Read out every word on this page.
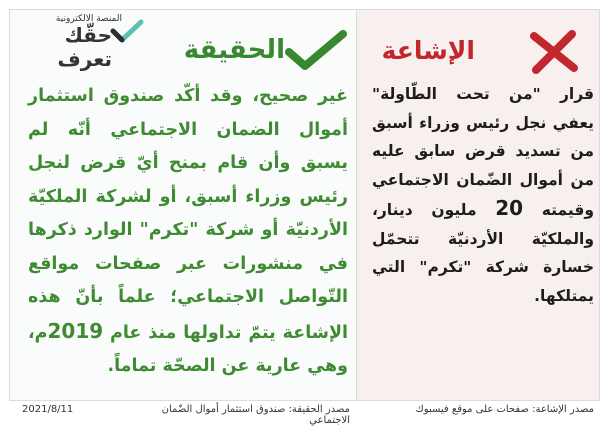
المنصة الالكترونية
حقّك تعرف	الحقيقة	الإشاعة
غير صحيح، وقد أكّد صندوق استثمار أموال الضمان الاجتماعي أنّه لم يسبق وأن قام بمنح أيّ قرض لنجل رئيس وزراء أسبق، أو لشركة الملكيّة الأردنيّة أو شركة "تكرم" الوارد ذكرها في منشورات عبر صفحات مواقع التّواصل الاجتماعي؛ علماً بأنّ هذه الإشاعة يتمّ تداولها منذ عام 2019م، وهي عارية عن الصحّة تماماً.
قرار "من تحت الطّاولة" يعفي نجل رئيس وزراء أسبق من تسديد قرض سابق عليه من أموال الضّمان الاجتماعي وقيمته 20 مليون دينار، والملكيّة الأردنيّة تتحمّل خسارة شركة "تكرم" التي يمتلكها.
مصدر الحقيقة: صندوق استثمار أموال الضّمان الاجتماعي
2021/8/11	مصدر الإشاعة: صفحات على موقع فيسبوك
